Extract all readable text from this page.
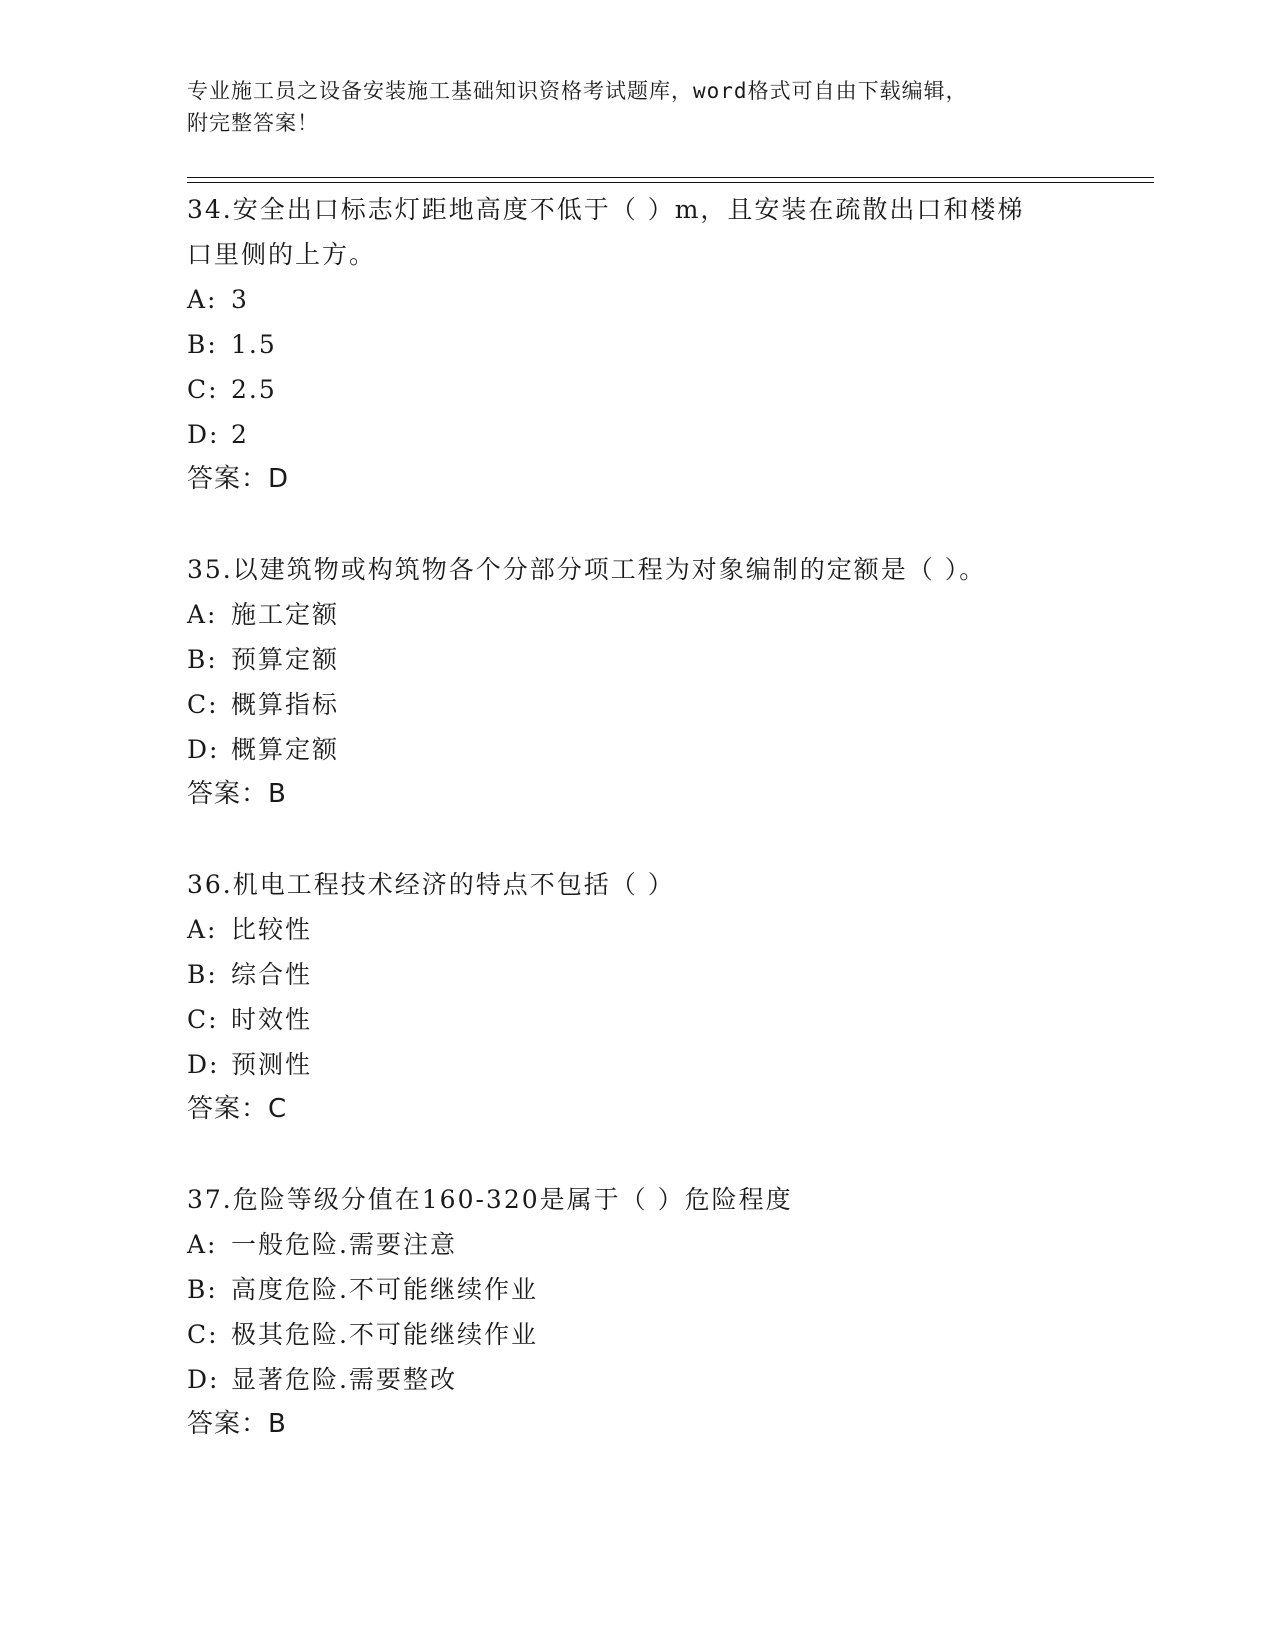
专业施工员之设备安装施工基础知识资格考试题库，word格式可自由下载编辑，
附完整答案！
34.安全出口标志灯距地高度不低于（ ）m，且安装在疏散出口和楼梯
口里侧的上方。
A: 3
B: 1.5
C: 2.5
D: 2
答案：D
35.以建筑物或构筑物各个分部分项工程为对象编制的定额是（ ）。
A: 施工定额
B: 预算定额
C: 概算指标
D: 概算定额
答案：B
36.机电工程技术经济的特点不包括（ ）
A: 比较性
B: 综合性
C: 时效性
D: 预测性
答案：C
37.危险等级分值在160-320是属于（ ）危险程度
A: 一般危险.需要注意
B: 高度危险.不可能继续作业
C: 极其危险.不可能继续作业
D: 显著危险.需要整改
答案：B
